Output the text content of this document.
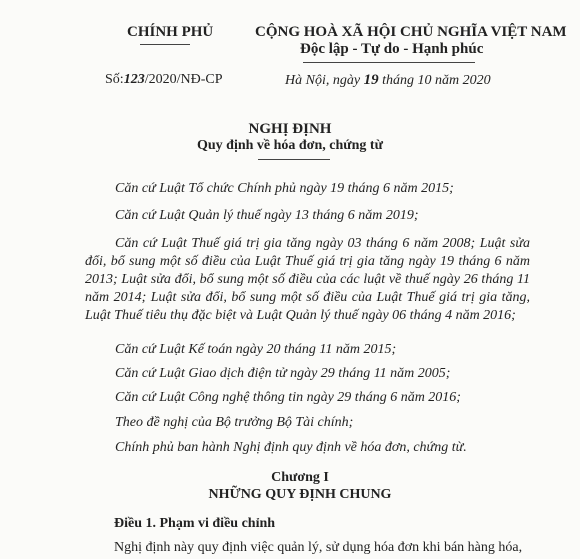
CHÍNH PHỦ	CỘNG HOÀ XÃ HỘI CHỦ NGHĨA VIỆT NAM
Độc lập - Tự do - Hạnh phúc
Số:123/2020/NĐ-CP	Hà Nội, ngày 19 tháng 10 năm 2020
NGHỊ ĐỊNH
Quy định về hóa đơn, chứng từ
Căn cứ Luật Tổ chức Chính phủ ngày 19 tháng 6 năm 2015;
Căn cứ Luật Quản lý thuế ngày 13 tháng 6 năm 2019;
Căn cứ Luật Thuế giá trị gia tăng ngày 03 tháng 6 năm 2008; Luật sửa đổi, bổ sung một số điều của Luật Thuế giá trị gia tăng ngày 19 tháng 6 năm 2013; Luật sửa đổi, bổ sung một số điều của các luật về thuế ngày 26 tháng 11 năm 2014; Luật sửa đổi, bổ sung một số điều của Luật Thuế giá trị gia tăng, Luật Thuế tiêu thụ đặc biệt và Luật Quản lý thuế ngày 06 tháng 4 năm 2016;
Căn cứ Luật Kế toán ngày 20 tháng 11 năm 2015;
Căn cứ Luật Giao dịch điện tử ngày 29 tháng 11 năm 2005;
Căn cứ Luật Công nghệ thông tin ngày 29 tháng 6 năm 2016;
Theo đề nghị của Bộ trưởng Bộ Tài chính;
Chính phủ ban hành Nghị định quy định về hóa đơn, chứng từ.
Chương I
NHỮNG QUY ĐỊNH CHUNG
Điều 1. Phạm vi điều chỉnh
Nghị định này quy định việc quản lý, sử dụng hóa đơn khi bán hàng hóa,
